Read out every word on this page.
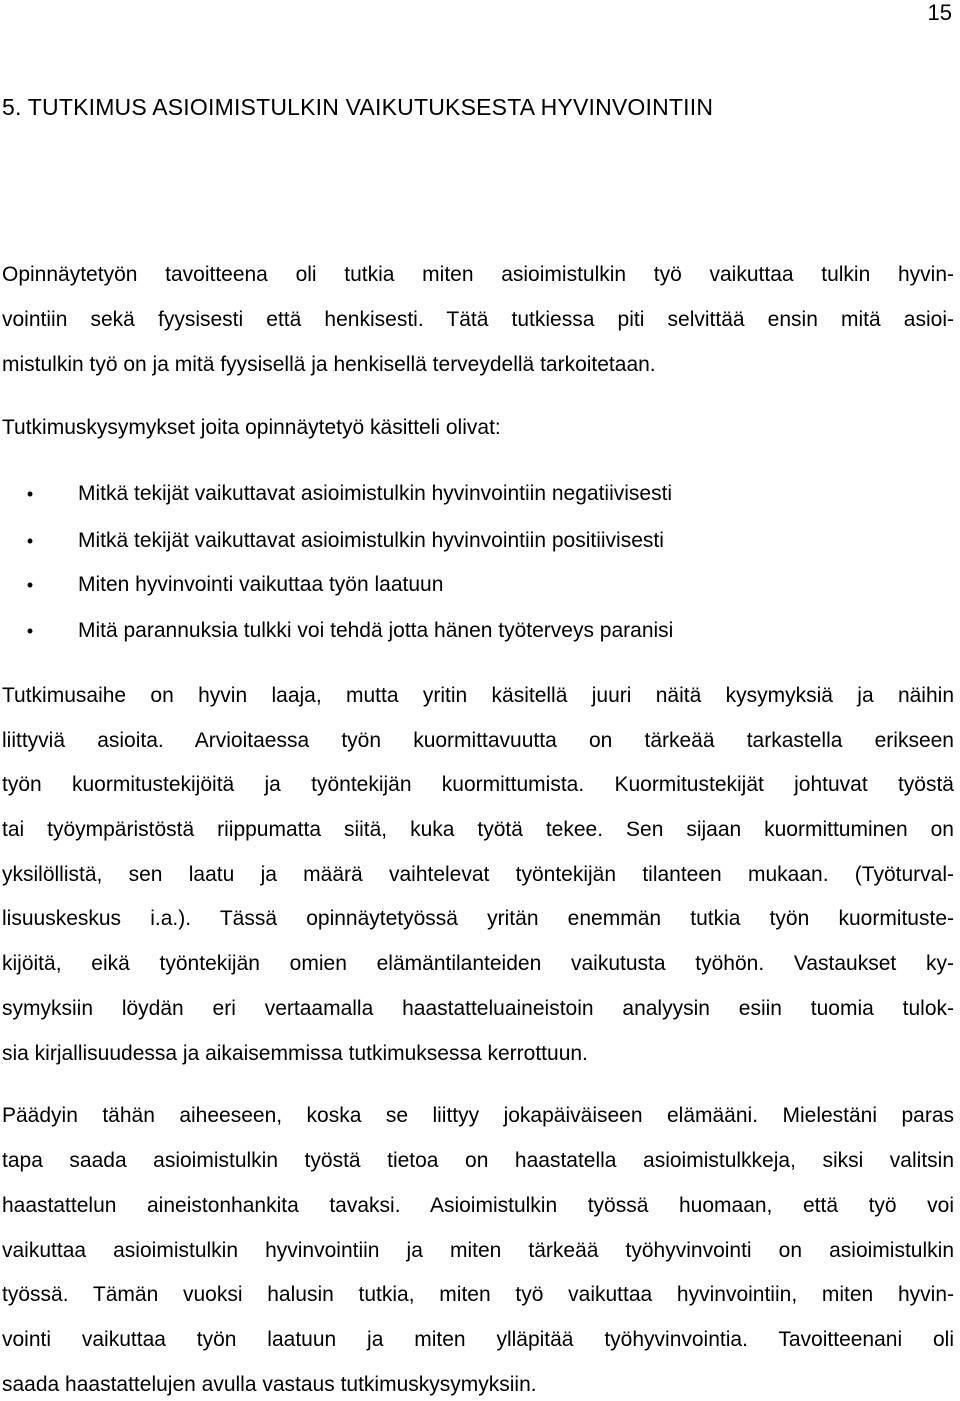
15
5. TUTKIMUS ASIOIMISTULKIN VAIKUTUKSESTA HYVINVOINTIIN
Opinnäytetyön tavoitteena oli tutkia miten asioimistulkin työ vaikuttaa tulkin hyvin-
vointiin sekä fyysisesti että henkisesti. Tätä tutkiessa piti selvittää ensin mitä asioi-
mistulkin työ on ja mitä fyysisellä ja henkisellä terveydellä tarkoitetaan.
Tutkimuskysymykset joita opinnäytetyö käsitteli olivat:
• Mitkä tekijät vaikuttavat asioimistulkin hyvinvointiin negatiivisesti
• Mitkä tekijät vaikuttavat asioimistulkin hyvinvointiin positiivisesti
• Miten hyvinvointi vaikuttaa työn laatuun
• Mitä parannuksia tulkki voi tehdä jotta hänen työterveys paranisi
Tutkimusaihe on hyvin laaja, mutta yritin käsitellä juuri näitä kysymyksiä ja näihin
liittyviä asioita. Arvioitaessa työn kuormittavuutta on tärkeää tarkastella erikseen
työn kuormitustekijöitä ja työntekijän kuormittumista. Kuormitustekijät johtuvat työstä
tai työympäristöstä riippumatta siitä, kuka työtä tekee. Sen sijaan kuormittuminen on
yksilöllistä, sen laatu ja määrä vaihtelevat työntekijän tilanteen mukaan. (Työturval-
lisuuskeskus i.a.). Tässä opinnäytetyössä yritän enemmän tutkia työn kuormituste-
kijöitä, eikä työntekijän omien elämäntilanteiden vaikutusta työhön. Vastaukset ky-
symyksiin löydän eri vertaamalla haastatteluaineistoin analyysin esiin tuomia tulok-
sia kirjallisuudessa ja aikaisemmissa tutkimuksessa kerrottuun.
Päädyin tähän aiheeseen, koska se liittyy jokapäiväiseen elämääni. Mielestäni paras
tapa saada asioimistulkin työstä tietoa on haastatella asioimistulkkeja, siksi valitsin
haastattelun aineistonhankita tavaksi. Asioimistulkin työssä huomaan, että työ voi
vaikuttaa asioimistulkin hyvinvointiin ja miten tärkeää työhyvinvointi on asioimistulkin
työssä. Tämän vuoksi halusin tutkia, miten työ vaikuttaa hyvinvointiin, miten hyvin-
vointi vaikuttaa työn laatuun ja miten ylläpitää työhyvinvointia. Tavoitteenani oli
saada haastattelujen avulla vastaus tutkimuskysymyksiin.
